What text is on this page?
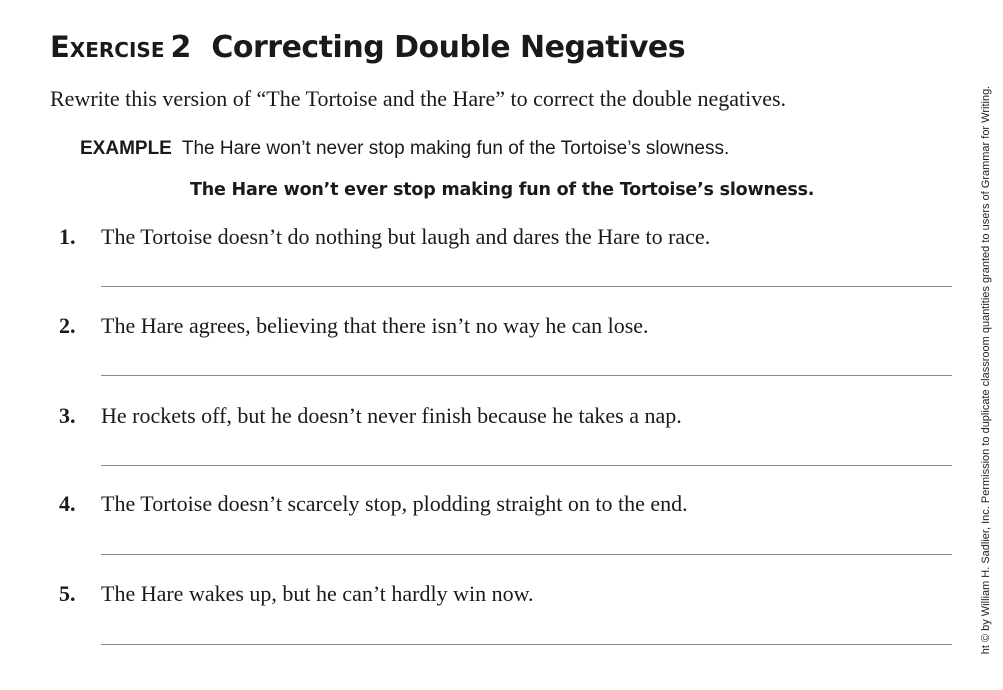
Exercise 2 Correcting Double Negatives
Rewrite this version of “The Tortoise and the Hare” to correct the double negatives.
EXAMPLE The Hare won’t never stop making fun of the Tortoise’s slowness.
The Hare won’t ever stop making fun of the Tortoise’s slowness.
1. The Tortoise doesn’t do nothing but laugh and dares the Hare to race.
2. The Hare agrees, believing that there isn’t no way he can lose.
3. He rockets off, but he doesn’t never finish because he takes a nap.
4. The Tortoise doesn’t scarcely stop, plodding straight on to the end.
5. The Hare wakes up, but he can’t hardly win now.	ht © by William H. Sadlier, Inc. Permission to duplicate classroom quantities granted to users of Grammar for Writing.
